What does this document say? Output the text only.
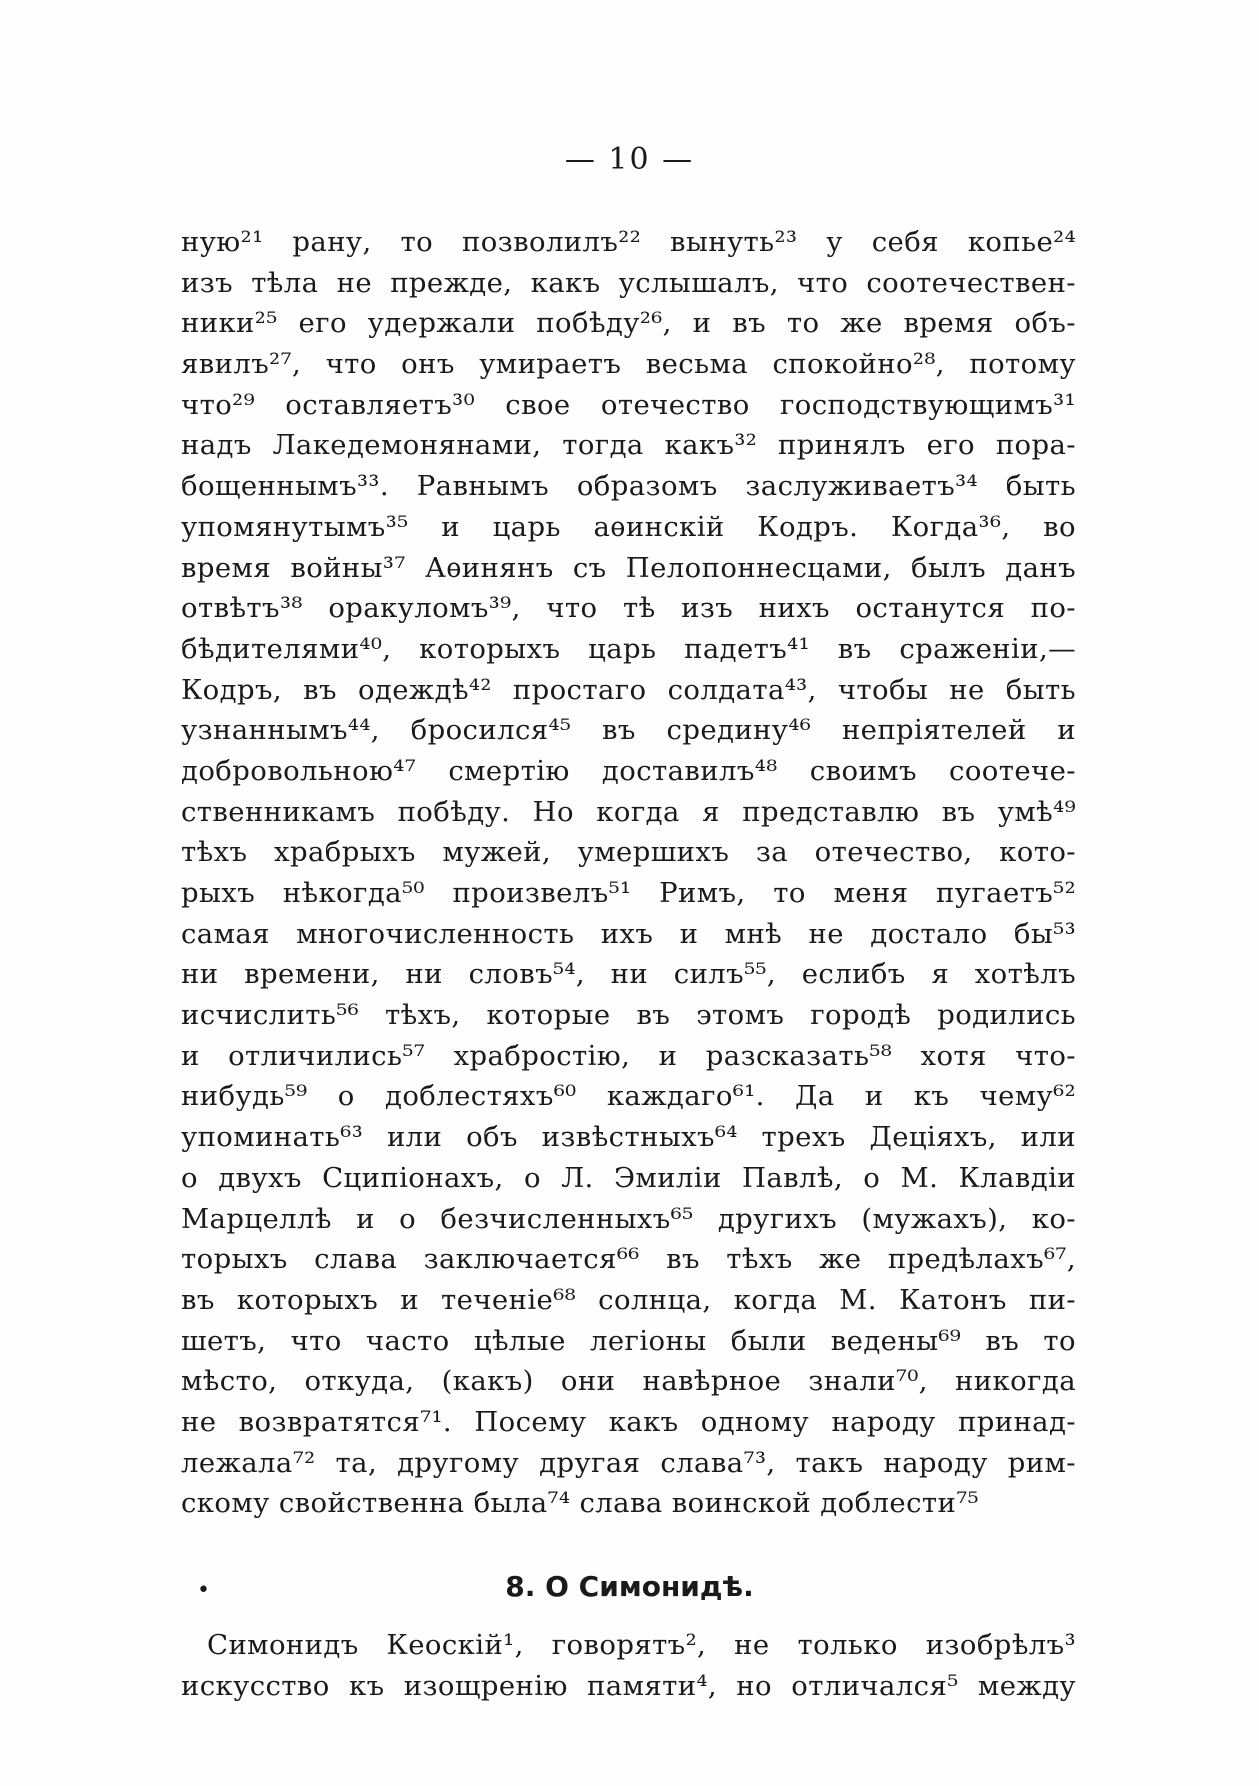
— 10 —
ную²¹ рану, то позволилъ²² вынуть²³ у себя копье²⁴
изъ тѣла не прежде, какъ услышалъ, что соотечествен-
ники²⁵ его удержали побѣду²⁶, и въ то же время объ-
явилъ²⁷, что онъ умираетъ весьма спокойно²⁸, потому
что²⁹ оставляетъ³⁰ свое отечество господствующимъ³¹
надъ Лакедемонянами, тогда какъ³² принялъ его пора-
бощеннымъ³³. Равнымъ образомъ заслуживаетъ³⁴ быть
упомянутымъ³⁵ и царь аѳинскій Кодръ. Когда³⁶, во
время войны³⁷ Аѳинянъ съ Пелопоннесцами, былъ данъ
отвѣтъ³⁸ оракуломъ³⁹, что тѣ изъ нихъ останутся по-
бѣдителями⁴⁰, которыхъ царь падетъ⁴¹ въ сраженіи,—
Кодръ, въ одеждѣ⁴² простаго солдата⁴³, чтобы не быть
узнаннымъ⁴⁴, бросился⁴⁵ въ средину⁴⁶ непріятелей и
добровольною⁴⁷ смертію доставилъ⁴⁸ своимъ соотече-
ственникамъ побѣду. Но когда я представлю въ умѣ⁴⁹
тѣхъ храбрыхъ мужей, умершихъ за отечество, кото-
рыхъ нѣкогда⁵⁰ произвелъ⁵¹ Римъ, то меня пугаетъ⁵²
самая многочисленность ихъ и мнѣ не достало бы⁵³
ни времени, ни словъ⁵⁴, ни силъ⁵⁵, еслибъ я хотѣлъ
исчислить⁵⁶ тѣхъ, которые въ этомъ городѣ родились
и отличились⁵⁷ храбростію, и разсказать⁵⁸ хотя что-
нибудь⁵⁹ о доблестяхъ⁶⁰ каждаго⁶¹. Да и къ чему⁶²
упоминать⁶³ или объ извѣстныхъ⁶⁴ трехъ Деціяхъ, или
о двухъ Сципіонахъ, о Л. Эмиліи Павлѣ, о М. Клавдіи
Марцеллѣ и о безчисленныхъ⁶⁵ другихъ (мужахъ), ко-
торыхъ слава заключается⁶⁶ въ тѣхъ же предѣлахъ⁶⁷,
въ которыхъ и теченіе⁶⁸ солнца, когда М. Катонъ пи-
шетъ, что часто цѣлые легіоны были ведены⁶⁹ въ то
мѣсто, откуда, (какъ) они навѣрное знали⁷⁰, никогда
не возвратятся⁷¹. Посему какъ одному народу принад-
лежала⁷² та, другому другая слава⁷³, такъ народу рим-
скому свойственна была⁷⁴ слава воинской доблести⁷⁵
•	8. О Симонидѣ.
Симонидъ Кеоскій¹, говорятъ², не только изобрѣлъ³
искусство къ изощренію памяти⁴, но отличался⁵ между
